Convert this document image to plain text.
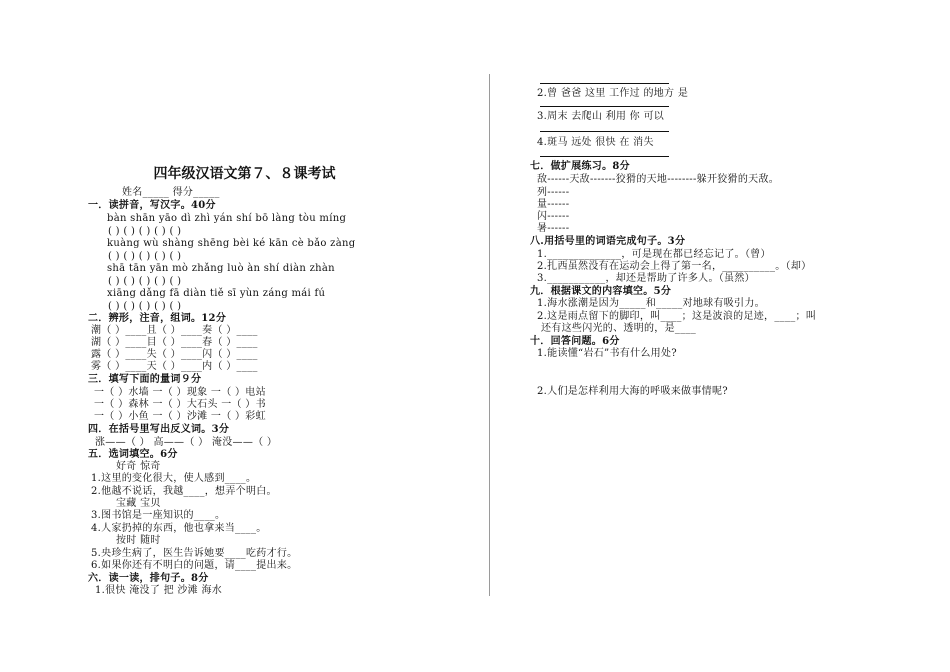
四年级汉语文第７、８课考试
姓名_____ 得分_____
一．读拼音，写汉字。40分
bàn shān yāo dì zhì yán shí bō làng tòu míng
( ) ( ) ( ) ( ) ( )
kuàng wù shàng shēng bèi ké kān cè bǎo zàng
( ) ( ) ( ) ( ) ( )
shā tān yān mò zhǎng luò àn shí diàn zhàn
( ) ( ) ( ) ( ) ( )
xiāng dǎng fā diàn tiě sī yùn záng mái fú
( ) ( ) ( ) ( ) ( )
二．辨形，注音，组词。12分
潮（ ）____且（ ）____奏（ ）____
湖（ ）____目（ ）____春（ ）____
露（ ）____失（ ）____闪（ ）____
雾（ ）____天（ ）____内（ ）____
三．填写下面的量词９分
一（ ）水墙 一（ ）现象 一（ ）电站
一（ ）森林 一（ ）大石头 一（ ）书
一（ ）小鱼 一（ ）沙滩 一（ ）彩虹
四．在括号里写出反义词。3分
涨——（ ） 高——（ ） 淹没——（ ）
五．选词填空。6分
好奇 惊奇
1.这里的变化很大，使人感到____。
2.他越不说话，我越____，想弄个明白。
宝藏 宝贝
3.图书馆是一座知识的____。
4.人家扔掉的东西，他也拿来当____。
按时 随时
5.央珍生病了，医生告诉她要____吃药才行。
6.如果你还有不明白的问题，请____提出来。
六．读一读，排句子。8分
1.很快 淹没了 把 沙滩 海水
2.曾 爸爸 这里 工作过 的地方 是
3.周末 去爬山 利用 你 可以
4.斑马 远处 很快 在 消失
七．做扩展练习。8分
敌------天敌-------狡猾的天地--------躲开狡猾的天敌。
列------
量------
闪------
暑------
八.用括号里的词语完成句子。3分
1.______________，可是现在都已经忘记了。（曾）
2.扎西虽然没有在运动会上得了第一名，__________。（却）
3.___________，却还是帮助了许多人。（虽然）
九．根据课文的内容填空。5分
1.海水涨潮是因为_____和_____对地球有吸引力。
2.这是雨点留下的脚印，叫____；这是波浪的足迹，____；叫
还有这些闪光的、透明的，是____
十．回答问题。6分
1.能读懂“岩石”书有什么用处?
2.人们是怎样利用大海的呼吸来做事情呢?
